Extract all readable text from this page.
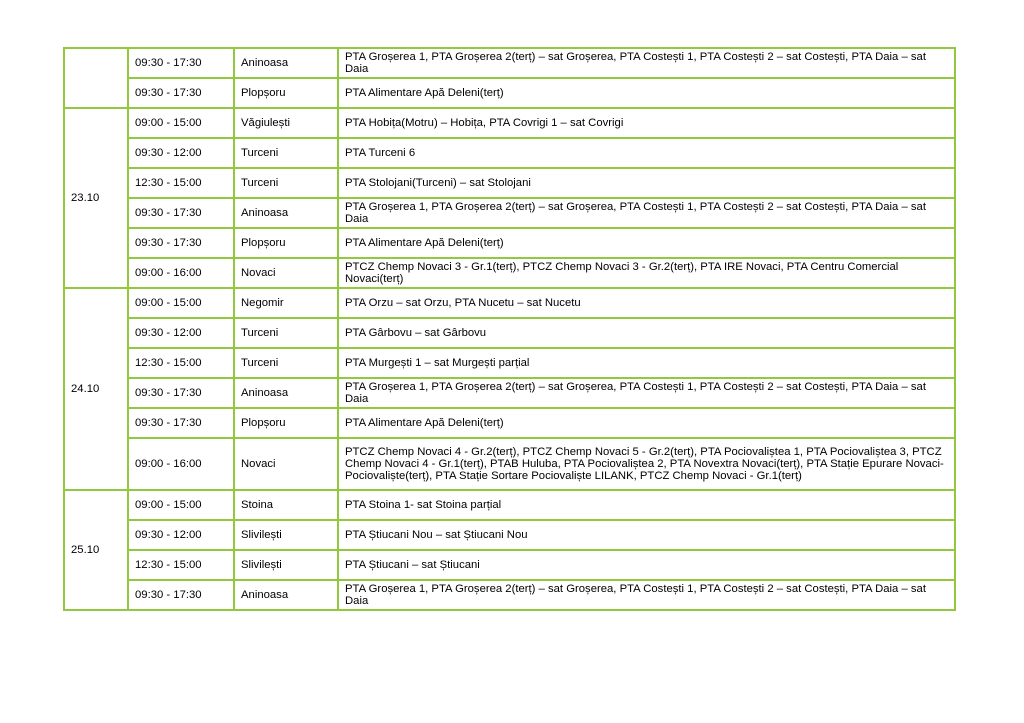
	09:30 - 17:30	Aninoasa	PTA Groșerea 1, PTA Groșerea 2(terț) – sat Groșerea, PTA Costești 1, PTA Costești 2 – sat Costești, PTA Daia – sat Daia
	09:30 - 17:30	Plopșoru	PTA Alimentare Apă Deleni(terț)
23.10	09:00 - 15:00	Văgiulești	PTA Hobița(Motru) – Hobița, PTA Covrigi 1 – sat Covrigi
	09:30 - 12:00	Turceni	PTA Turceni 6
	12:30 - 15:00	Turceni	PTA Stolojani(Turceni) – sat Stolojani
	09:30 - 17:30	Aninoasa	PTA Groșerea 1, PTA Groșerea 2(terț) – sat Groșerea, PTA Costești 1, PTA Costești 2 – sat Costești, PTA Daia – sat Daia
	09:30 - 17:30	Plopșoru	PTA Alimentare Apă Deleni(terț)
	09:00 - 16:00	Novaci	PTCZ Chemp Novaci 3 - Gr.1(terț), PTCZ Chemp Novaci 3 - Gr.2(terț), PTA IRE Novaci, PTA Centru Comercial Novaci(terț)
24.10	09:00 - 15:00	Negomir	PTA Orzu – sat Orzu, PTA Nucetu – sat Nucetu
	09:30 - 12:00	Turceni	PTA Gârbovu – sat Gârbovu
	12:30 - 15:00	Turceni	PTA Murgești 1 – sat Murgești parțial
	09:30 - 17:30	Aninoasa	PTA Groșerea 1, PTA Groșerea 2(terț) – sat Groșerea, PTA Costești 1, PTA Costești 2 – sat Costești, PTA Daia – sat Daia
	09:30 - 17:30	Plopșoru	PTA Alimentare Apă Deleni(terț)
	09:00 - 16:00	Novaci	PTCZ Chemp Novaci 4 - Gr.2(terț), PTCZ Chemp Novaci 5 - Gr.2(terț), PTA Pociovaliștea 1, PTA Pociovaliștea 3, PTCZ Chemp Novaci 4 - Gr.1(terț), PTAB Huluba, PTA Pociovaliștea 2, PTA Novextra Novaci(terț), PTA Stație Epurare Novaci-Pociovaliște(terț), PTA Stație Sortare Pociovaliște LILANK, PTCZ Chemp Novaci - Gr.1(terț)
25.10	09:00 - 15:00	Stoina	PTA Stoina 1- sat Stoina parțial
	09:30 - 12:00	Slivilești	PTA Știucani Nou – sat Știucani Nou
	12:30 - 15:00	Slivilești	PTA Știucani – sat Știucani
	09:30 - 17:30	Aninoasa	PTA Groșerea 1, PTA Groșerea 2(terț) – sat Groșerea, PTA Costești 1, PTA Costești 2 – sat Costești, PTA Daia – sat Daia
